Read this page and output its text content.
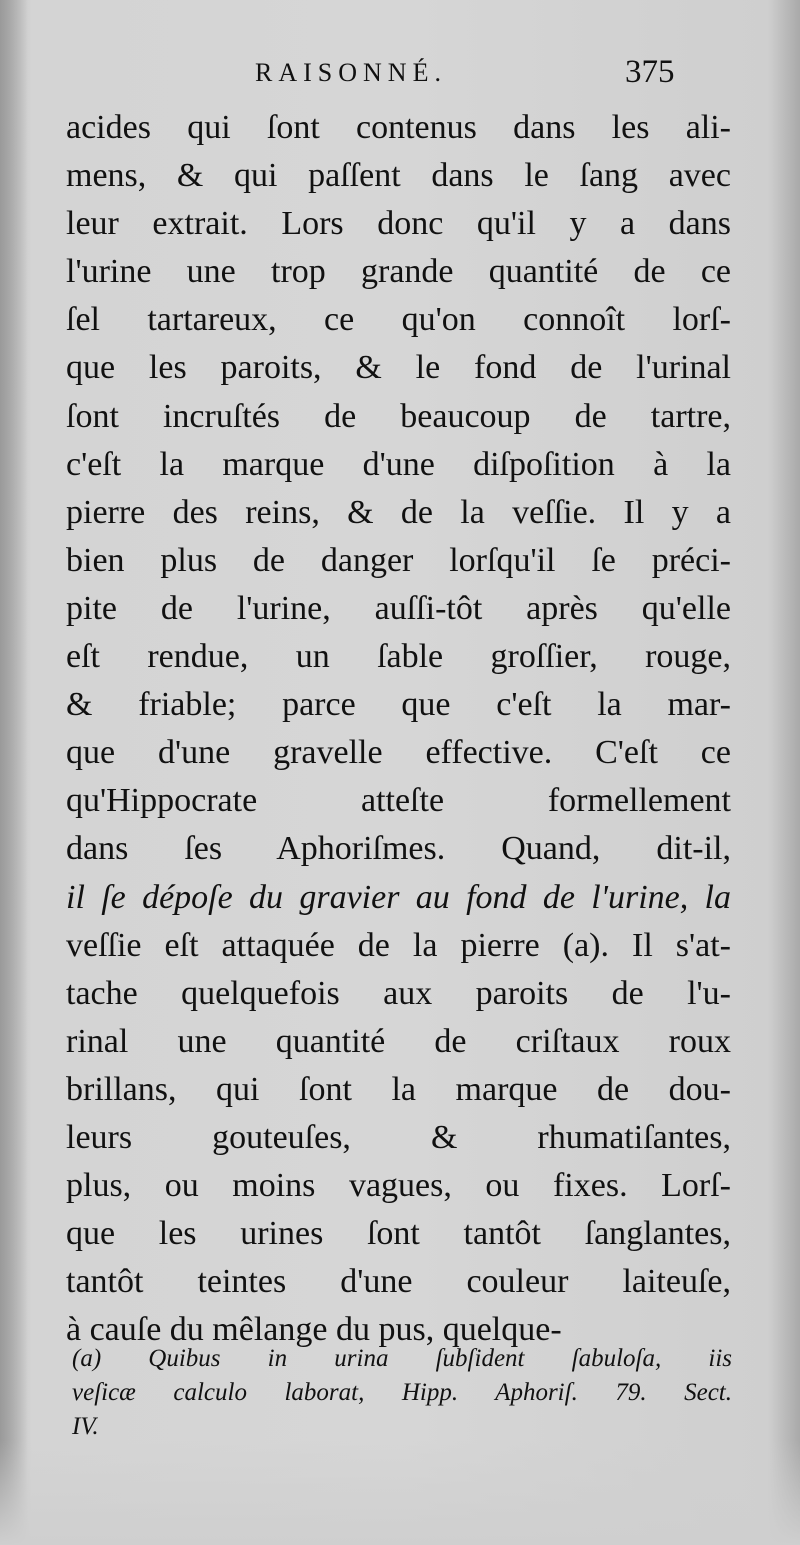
RAISONNÉ.	375
acides qui ſont contenus dans les ali-
mens, & qui paſſent dans le ſang avec
leur extrait. Lors donc qu'il y a dans
l'urine une trop grande quantité de ce
ſel tartareux, ce qu'on connoît lorſ-
que les paroits, & le fond de l'urinal
ſont incruſtés de beaucoup de tartre,
c'eſt la marque d'une diſpoſition à la
pierre des reins, & de la veſſie. Il y a
bien plus de danger lorſqu'il ſe préci-
pite de l'urine, auſſi-tôt après qu'elle
eſt rendue, un ſable groſſier, rouge,
& friable; parce que c'eſt la mar-
que d'une gravelle effective. C'eſt ce
qu'Hippocrate atteſte formellement
dans ſes Aphoriſmes. Quand, dit-il,
il ſe dépoſe du gravier au fond de l'urine, la
veſſie eſt attaquée de la pierre (a). Il s'at-
tache quelquefois aux paroits de l'u-
rinal une quantité de criſtaux roux
brillans, qui ſont la marque de dou-
leurs gouteuſes, & rhumatiſantes,
plus, ou moins vagues, ou fixes. Lorſ-
que les urines ſont tantôt ſanglantes,
tantôt teintes d'une couleur laiteuſe,
à cauſe du mêlange du pus, quelque-
(a) Quibus in urina ſubſident ſabuloſa, iis
veſicæ calculo laborat, Hipp. Aphoriſ. 79. Sect.
IV.
